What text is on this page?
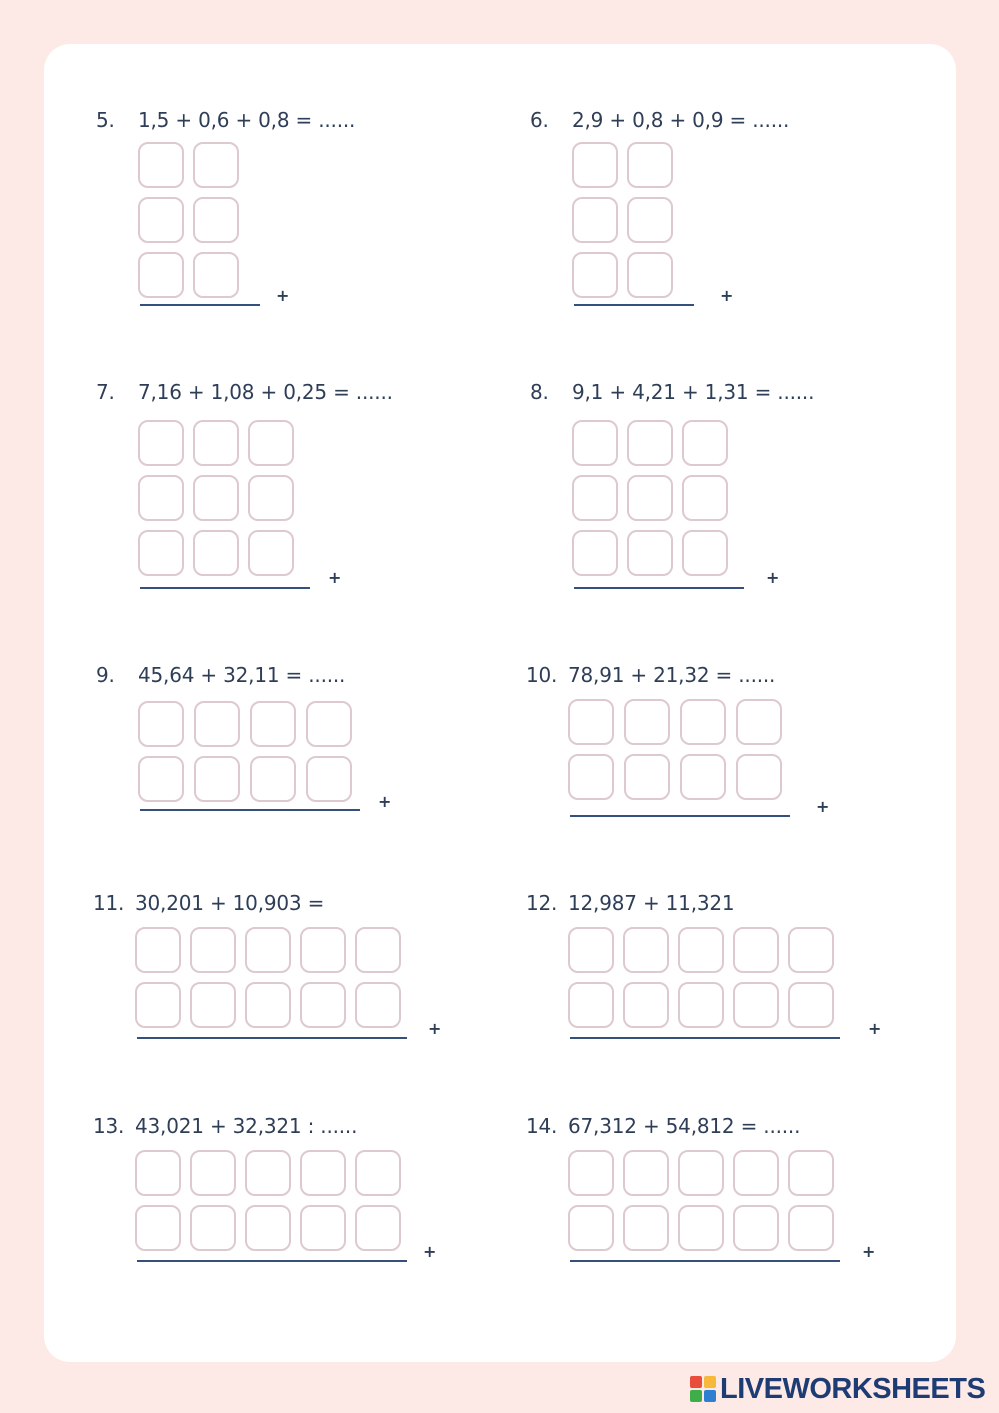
LIVEWORKSHEETS
5. 1,5 + 0,6 + 0,8 = ......
+
6. 2,9 + 0,8 + 0,9 = ......
+
7. 7,16 + 1,08 + 0,25 = ......
+
8. 9,1 + 4,21 + 1,31 = ......
+
9. 45,64 + 32,11 = ......
+
10. 78,91 + 21,32 = ......
+
11. 30,201 + 10,903 =
+
12. 12,987 + 11,321
+
13. 43,021 + 32,321 : ......
+
14. 67,312 + 54,812 = ......
+
